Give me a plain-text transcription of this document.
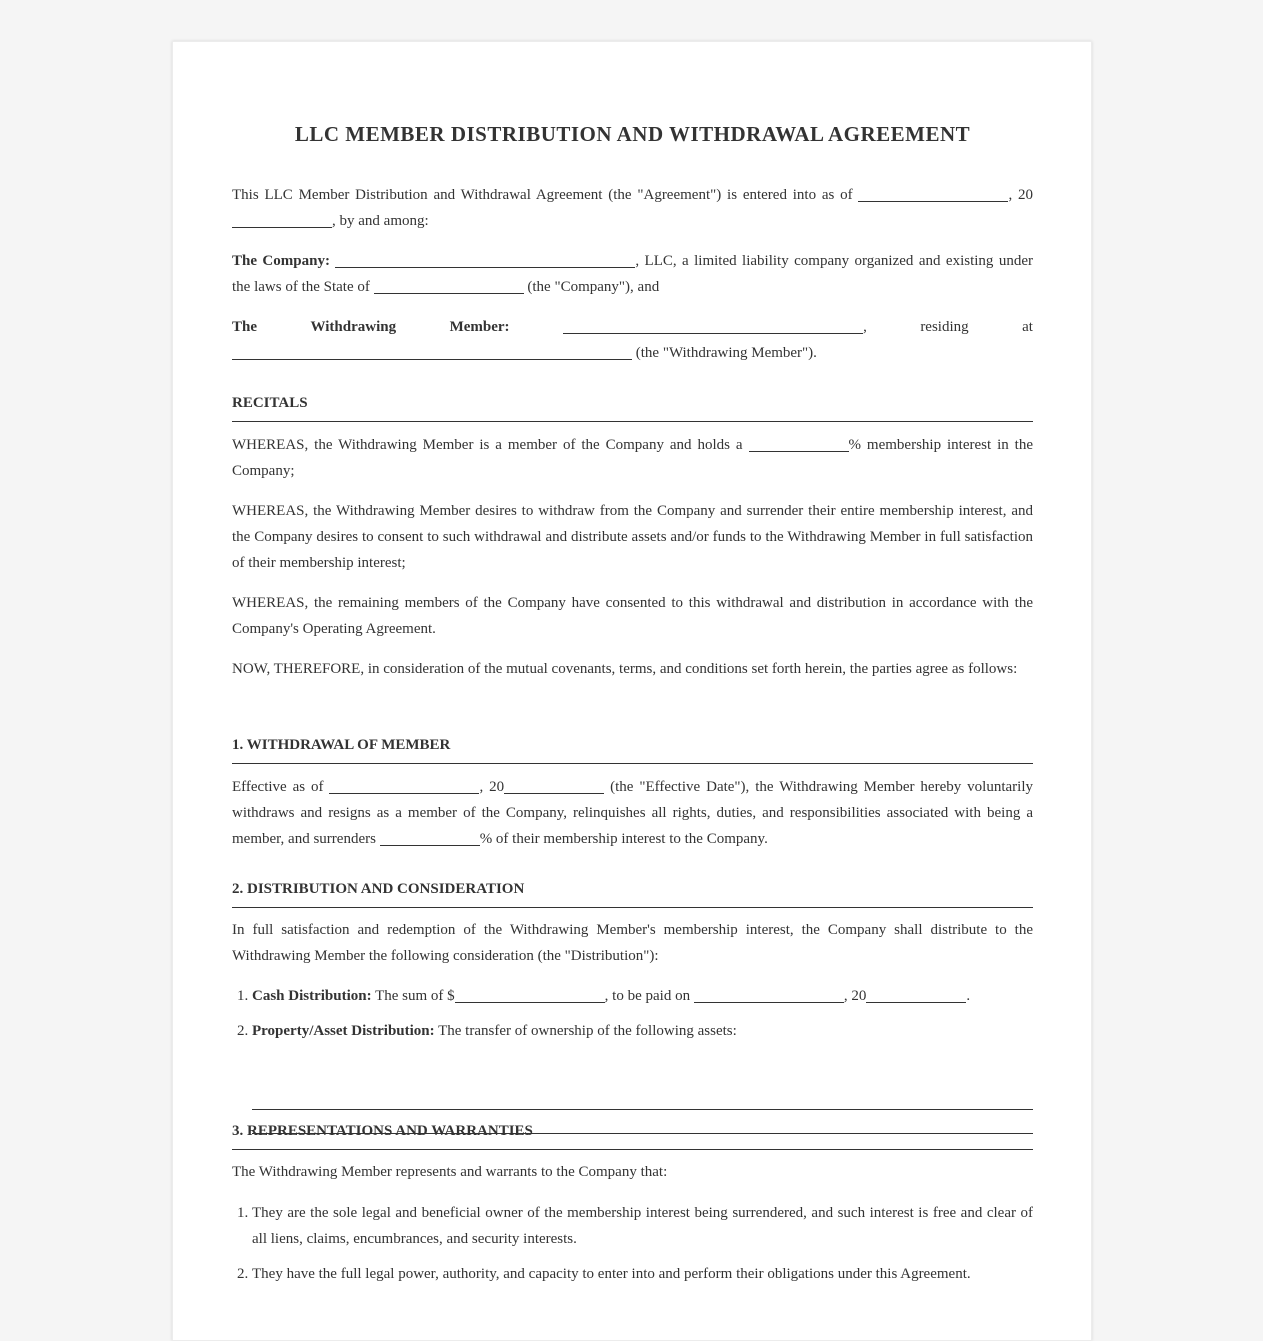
LLC MEMBER DISTRIBUTION AND WITHDRAWAL AGREEMENT

This LLC Member Distribution and Withdrawal Agreement (the "Agreement") is entered into as of	, 20, by and among:

The Company:	, LLC, a limited liability company organized and existing under the laws of the State of	(the "Company"), and

The	Withdrawing	Member:	,	residing	at

(the "Withdrawing Member").

RECITALS

WHEREAS, the Withdrawing Member is a member of the Company and holds a	% membership interest in the Company;

WHEREAS, the Withdrawing Member desires to withdraw from the Company and surrender their entire membership interest, and the Company desires to consent to such withdrawal and distribute assets and/or funds to the Withdrawing Member in full satisfaction of their membership interest;

WHEREAS, the remaining members of the Company have consented to this withdrawal and distribution in accordance with the Company's Operating Agreement.

NOW, THEREFORE, in consideration of the mutual covenants, terms, and conditions set forth herein, the parties agree as follows:

1. WITHDRAWAL OF MEMBER

Effective as of	, 20	(the "Effective Date"), the Withdrawing Member hereby voluntarily withdraws and resigns as a member of the Company, relinquishes all rights, duties, and responsibilities associated with being a member, and surrenders	% of their membership interest to the Company.

2. DISTRIBUTION AND CONSIDERATION

In full satisfaction and redemption of the Withdrawing Member's membership interest, the Company shall distribute to the Withdrawing Member the following consideration (the "Distribution"):

1. Cash Distribution: The sum of $	, to be paid on	, 20	.
2. Property/Asset Distribution: The transfer of ownership of the following assets:
3. REPRESENTATIONS AND WARRANTIES

The Withdrawing Member represents and warrants to the Company that:

1. They are the sole legal and beneficial owner of the membership interest being surrendered, and such interest is free and clear of all liens, claims, encumbrances, and security interests.
2. They have the full legal power, authority, and capacity to enter into and perform their obligations under this Agreement.
